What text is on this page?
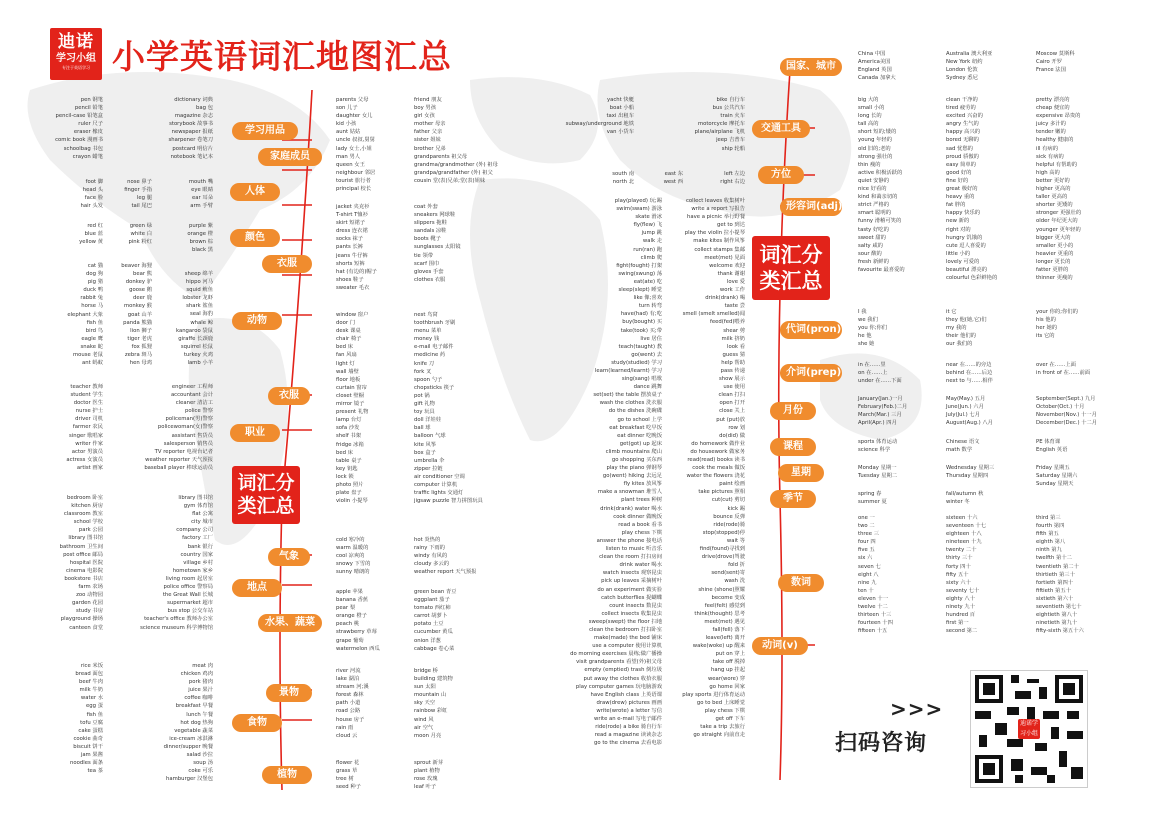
迪诺
学习小组
专注于英语学习 小学英语词汇地图汇总
学习用品
家庭成员
人体
颜色
衣服
动物
衣服
职业
气象
地点
水果、蔬菜
景物
食物
植物
词汇分
类汇总
国家、城市
交通工具
方位
形容词(adj)
代词(pron)
介词(prep)
月份
课程
星期
季节
数词
动词(v)
词汇分
类汇总
pen 钢笔
pencil 铅笔
pencil-case 铅笔盒
ruler 尺子
eraser 橡皮
comic book 漫画书
schoolbag 书包
crayon 蜡笔
dictionary 词典
bag 包
magazine 杂志
storybook 故事书
newspaper 报纸
sharpener 卷笔刀
postcard 明信片
notebook 笔记本
parents 父母
son 儿子
daughter 女儿
kid 小孩
aunt 姑姑
uncle 叔叔,舅舅
lady 女士,小姐
man 男人
queen 女王
neighbour 邻居
tourist 旅行者
principal 校长
friend 朋友
boy 男孩
girl 女孩
mother 母亲
father 父亲
sister 姐妹
brother 兄弟
grandparents 祖父母
grandma/grandmother (外) 祖母
grandpa/grandfather (外) 祖父
cousin 堂(表)兄弟;堂(表)姐妹
foot 脚
head 头
face 脸
hair 头发
nose 鼻子
finger 手指
leg 腿
tail 尾巴
mouth 嘴
eye 眼睛
ear 耳朵
arm 手臂
red 红
blue 蓝
yellow 黄
green 绿
white 白
pink 粉红
purple 紫
orange 橙
brown 棕
black 黑
jacket 夹克衫
T-shirt T恤衫
skirt 短裙子
dress 连衣裙
socks 袜子
pants 长裤
jeans 牛仔裤
shorts 短裤
hat (有边的)帽子
shoes 鞋子
sweater 毛衣
coat 外套
sneakers 网球鞋
slippers 拖鞋
sandals 凉鞋
boots 靴子
sunglasses 太阳镜
tie 领带
scarf 围巾
gloves 手套
clothes 衣服
cat 猫
dog 狗
pig 猪
duck 鸭
rabbit 兔
horse 马
elephant 大象
fish 鱼
bird 鸟
eagle 鹰
snake 蛇
mouse 老鼠
ant 蚂蚁
beaver 海狸
bear 熊
donkey 驴
goose 鹅
deer 鹿
monkey 猴
goat 山羊
panda 熊猫
lion 狮子
tiger 老虎
fox 狐狸
zebra 斑马
hen 母鸡
sheep 绵羊
hippo 河马
squid 鱿鱼
lobster 龙虾
shark 鲨鱼
seal 海豹
whale 鲸
kangaroo 袋鼠
giraffe 长颈鹿
squirrel 松鼠
turkey 火鸡
lamb 小羊
window 窗户
door 门
desk 课桌
chair 椅子
bed 床
fan 风扇
light 灯
wall 墙壁
floor 地板
curtain 窗帘
closet 壁橱
mirror 镜子
present 礼物
lamp 台灯
sofa 沙发
shelf 书架
fridge 冰箱
bed 床
table 桌子
key 钥匙
lock 锁
photo 照片
plate 盘子
violin 小提琴
nest 鸟窝
toothbrush 牙刷
menu 菜单
money 钱
e-mail 电子邮件
medicine 药
knife 刀
fork 叉
spoon 勺子
chopsticks 筷子
pot 锅
gift 礼物
toy 玩具
doll 洋娃娃
ball 球
balloon 气球
kite 风筝
box 盒子
umbrella 伞
zipper 拉链
air conditioner 空调
computer 计算机
traffic lights 交通灯
jigsaw puzzle 智力拼图玩具
teacher 教师
student 学生
doctor 医生
nurse 护士
driver 司机
farmer 农民
singer 歌唱家
writer 作家
actor 男演员
actress 女演员
artist 画家
engineer 工程师
accountant 会计
cleaner 清洁工
police 警察
policeman(男)警察
policewoman(女)警察
assistant 售货员
salesperson 销售员
TV reporter 电视台记者
weather reporter 天气预报
baseball player 棒球运动员
cold 寒冷的
warm 温暖的
cool 凉爽的
snowy 下雪的
sunny 晴朗的
hot 炎热的
rainy 下雨的
windy 有风的
cloudy 多云的
weather report 天气预报
bedroom 卧室
kitchen 厨房
classroom 教室
school 学校
park 公园
library 图书馆
bathroom 卫生间
post office 邮局
hospital 医院
cinema 电影院
bookstore 书店
farm 农场
zoo 动物园
garden 花园
study 书房
playground 操场
canteen 食堂
library 图书馆
gym 体育馆
flat 公寓
city 城市
company 公司
factory 工厂
bank 银行
country 国家
village 乡村
hometown 家乡
living room 起居室
police office 警察局
the Great Wall 长城
supermarket 超市
bus stop 公交车站
teacher's office 教师办公室
science museum 科学博物馆
apple 苹果
banana 香蕉
pear 梨
orange 橙子
peach 桃
strawberry 草莓
grape 葡萄
watermelon 西瓜
green bean 青豆
eggplant 茄子
tomato 西红柿
carrot 胡萝卜
potato 土豆
cucumber 黄瓜
onion 洋葱
cabbage 卷心菜
rice 米饭
bread 面包
beef 牛肉
milk 牛奶
water 水
egg 蛋
fish 鱼
tofu 豆腐
cake 蛋糕
cookie 曲奇
biscuit 饼干
jam 果酱
noodles 面条
tea 茶
meat 肉
chicken 鸡肉
pork 猪肉
juice 果汁
coffee 咖啡
breakfast 早餐
lunch 午餐
hot dog 热狗
vegetable 蔬菜
ice-cream 冰淇淋
dinner/supper 晚餐
salad 沙拉
soup 汤
coke 可乐
hamburger 汉堡包
river 河流
lake 湖泊
stream 河;溪
forest 森林
path 小道
road 公路
house 房子
rain 雨
cloud 云
bridge 桥
building 建筑物
sun 太阳
mountain 山
sky 天空
rainbow 彩虹
wind 风
air 空气
moon 月亮
flower 花
grass 草
tree 树
seed 种子
sprout 新芽
plant 植物
rose 玫瑰
leaf 叶子
yacht 快艇
boat 小船
taxi 出租车
subway/underground 地铁
van 小货车
bike 自行车
bus 公共汽车
train 火车
motorcycle 摩托车
plane/airplane 飞机
jeep 吉普车
ship 轮船
south 南
north 北
east 东
west 西
left 左边
right 右边
play(played) 玩;踢
swim(swam) 游泳
skate 滑冰
fly(flew) 飞
jump 跳
walk 走
run(ran) 跑
climb 爬
fight(fought) 打架
swing(swung) 荡
eat(ate) 吃
sleep(slept) 睡觉
like 像;喜欢
turn 转弯
have(had) 有;吃
buy(bought) 买
take(took) 买;带
live 居住
teach(taught) 教
go(went) 去
study(studied) 学习
learn(learned/learnt) 学习
sing(sang) 唱歌
dance 跳舞
set(set) the table 摆放桌子
wash the clothes 洗衣服
do the dishes 洗碗碟
go to school 上学
eat breakfast 吃早饭
eat dinner 吃晚饭
get(got) up 起床
climb mountains 爬山
go shopping 买东西
play the piano 弹钢琴
go(went) hiking 去远足
fly kites 放风筝
make a snowman 堆雪人
plant trees 种树
drink(drank) water 喝水
cook dinner 做晚饭
read a book 看书
play chess 下棋
answer the phone 接电话
listen to music 听音乐
clean the room 打扫房间
drink water 喝水
watch insects 观察昆虫
pick up leaves 采摘树叶
do an experiment 做实验
catch butterflies 捉蝴蝶
count insects 数昆虫
collect insects 收集昆虫
sweep(swept) the floor 扫地
clean the bedroom 打扫卧室
make(made) the bed 铺床
use a computer 使用计算机
do morning exercises 晨练;做广播操
visit grandparents 看望(外)祖父母
empty (emptied) trash 倒垃圾
put away the clothes 收拾衣服
play computer games 玩电脑游戏
have English class 上英语课
draw(drew) pictures 画画
write(wrote) a letter 写信
write an e-mail 写电子邮件
ride(rode) a bike 骑自行车
read a magazine 读读杂志
go to the cinema 去看电影
collect leaves 收集树叶
write a report 写报告
have a picnic 举行野餐
get to 到达
play the violin 拉小提琴
make kites 制作风筝
collect stamps 集邮
meet(met) 见面
welcome 欢迎
thank 谢谢
love 爱
work 工作
drink(drank) 喝
taste 尝
smell (smelt smelled)闻
feed(fed)喂养
shear 剪
milk 挤奶
look 看
guess 猜
help 帮助
pass 传递
show 展示
use 使用
clean 打扫
open 打开
close 关上
put (put)放
row 划
do(did) 做
do homework 做作业
do housework 做家务
read(read) books 读书
cook the meals 做饭
water the flowers 浇花
paint 绘画
take pictures 照相
cut(cut) 剪切
kick 踢
bounce 反弹
ride(rode)骑
stop(stopped)停
wait 等
find(found)寻找到
drive(drove)驾驶
fold 折
send(sent)寄
wash 洗
shine (shone)照耀
become 变成
feel(felt) 感觉到
think(thought) 思考
meet(met) 遇见
fall(fell) 落下
leave(left) 离开
wake(woke) up 醒来
put on 穿上
take off 脱掉
hang up 挂起
wear(wore) 穿
go home 回家
play sports 进行体育运动
go to bed 上床睡觉
play chess 下棋
get off 下车
take a trip 去旅行
go straight 向前直走
China 中国
America美国
England 英国
Canada 加拿大
Australia 澳大利亚
New York 纽约
London 伦敦
Sydney 悉尼
Moscow 莫斯科
Cairo 开罗
France 法国
big 大的
small 小的
long 长的
tall 高的
short 短的;矮的
young 年轻的
old 旧的;老的
strong 强壮的
thin 瘦的
active 积极活跃的
quiet 安静的
nice 好看的
kind 和蔼亲切的
strict 严格的
smart 聪明的
funny 滑稽可笑的
tasty 好吃的
sweet 甜的
salty 咸的
sour 酸的
fresh 新鲜的
favourite 最喜爱的
clean 干净的
tired 疲劳的
excited 兴奋的
angry 生气的
happy 高兴的
bored 无聊的
sad 忧愁的
proud 骄傲的
easy 简单的
good 好的
fine 好的
great 极好的
heavy 重的
fat 胖的
happy 快乐的
new 新的
right 对的
hungry 饥饿的
cute 逗人喜爱的
little 小的
lovely 可爱的
beautiful 漂亮的
colourful 色彩鲜艳的
pretty 漂亮的
cheap 便宜的
expensive 昂贵的
juicy 多汁的
tender 嫩的
healthy 健康的
ill 有病的
sick 有病的
helpful 有帮助的
high 高的
better 更好的
higher 更高的
taller 更高的
shorter 更矮的
stronger 更强壮的
older 年纪更大的
younger 更年轻的
bigger 更大的
smaller 更小的
heavier 更重的
longer 更长的
fatter 更胖的
thinner 更瘦的
I 我
we 我们
you 你;你们
he 他
she 她
it 它
they 他(她,它)们
my 我的
their 他们的
our 我们的
your 你的;你们的
his 他的
her 她的
its 它的
in 在……里
on 在……上
under 在……下面
near 在……的旁边
behind 在……后边
next to 与……相伴
over 在……上面
in front of 在……前面
January(Jan.)一月
February(Feb.)二月
March(Mar.) 三月
April(Apr.) 四月
May(May.) 五月
June(Jun.) 六月
July(Jul.) 七月
August(Aug.) 八月
September(Sept.) 九月
October(Oct.) 十月
November(Nov.) 十一月
December(Dec.) 十二月
sports 体育运动
science 科学
Chinese 语文
math 数学
PE 体育课
English 英语
Monday 星期一
Tuesday 星期二
Wednesday 星期三
Thursday 星期四
Friday 星期五
Saturday 星期六
Sunday 星期天
spring 春
summer 夏
fall/autumn 秋
winter 冬
one 一
two 二
three 三
four 四
five 五
six 六
seven 七
eight 八
nine 九
ten 十
eleven 十一
twelve 十二
thirteen 十三
fourteen 十四
fifteen 十五
sixteen 十六
seventeen 十七
eighteen 十八
nineteen 十九
twenty 二十
thirty 三十
forty 四十
fifty 五十
sixty 六十
seventy 七十
eighty 八十
ninety 九十
hundred 百
first 第一
second 第二
third 第三
fourth 第四
fifth 第五
eighth 第八
ninth 第九
twelfth 第十二
twentieth 第二十
thirtieth 第三十
fortieth 第四十
fiftieth 第五十
sixtieth 第六十
seventieth 第七十
eightieth 第八十
ninetieth 第九十
fifty-sixth 第五十六
>>>
扫码咨询
迪诺学习小组
